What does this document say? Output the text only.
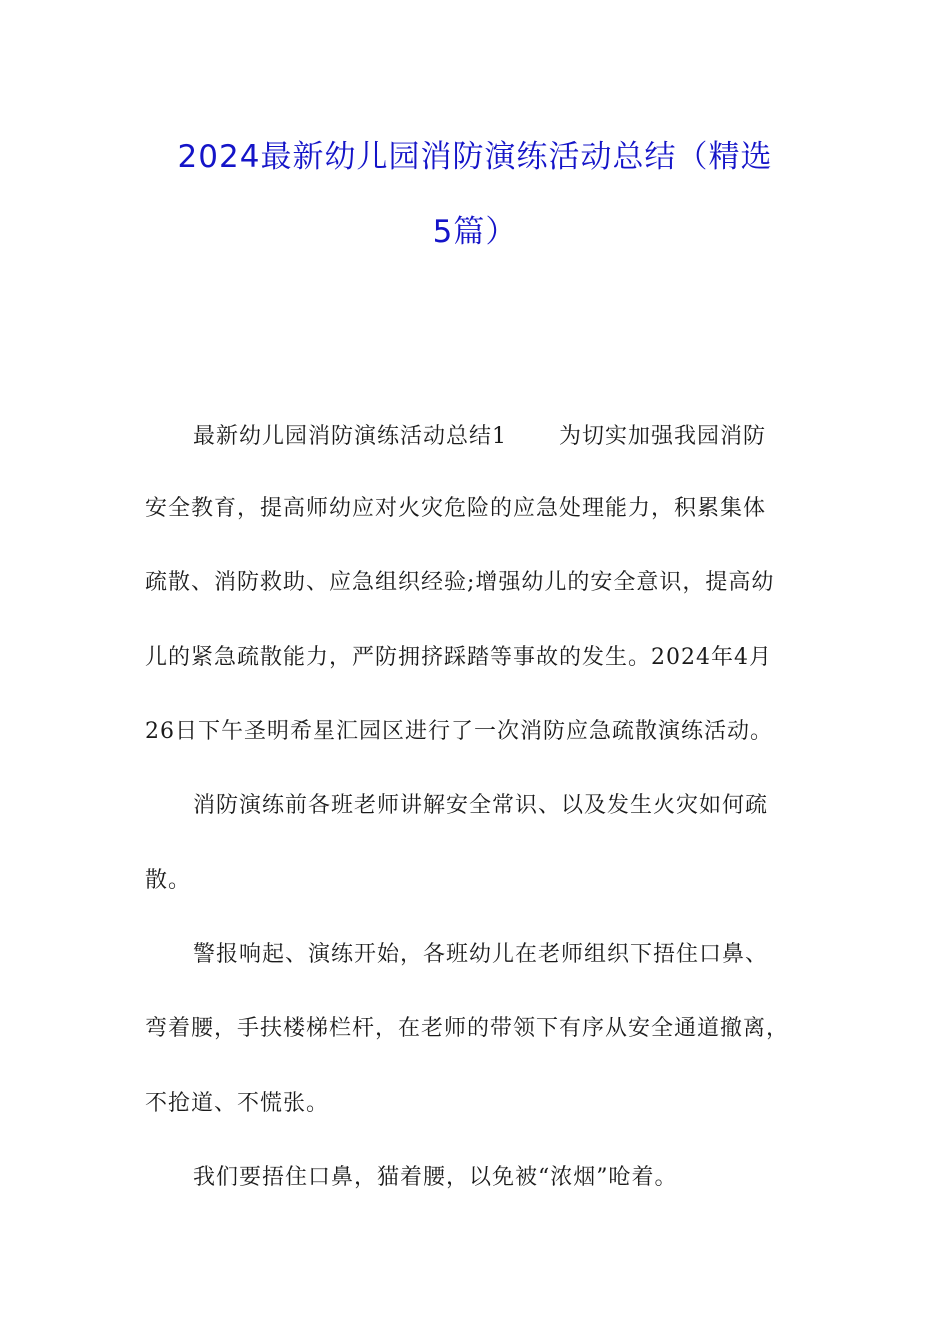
2024最新幼儿园消防演练活动总结（精选
5篇）
最新幼儿园消防演练活动总结1 为切实加强我园消防
安全教育，提高师幼应对火灾危险的应急处理能力，积累集体
疏散、消防救助、应急组织经验;增强幼儿的安全意识，提高幼
儿的紧急疏散能力，严防拥挤踩踏等事故的发生。2024年4月
26日下午圣明希星汇园区进行了一次消防应急疏散演练活动。
消防演练前各班老师讲解安全常识、以及发生火灾如何疏
散。
警报响起、演练开始，各班幼儿在老师组织下捂住口鼻、
弯着腰，手扶楼梯栏杆，在老师的带领下有序从安全通道撤离，
不抢道、不慌张。
我们要捂住口鼻，猫着腰，以免被“浓烟”呛着。
